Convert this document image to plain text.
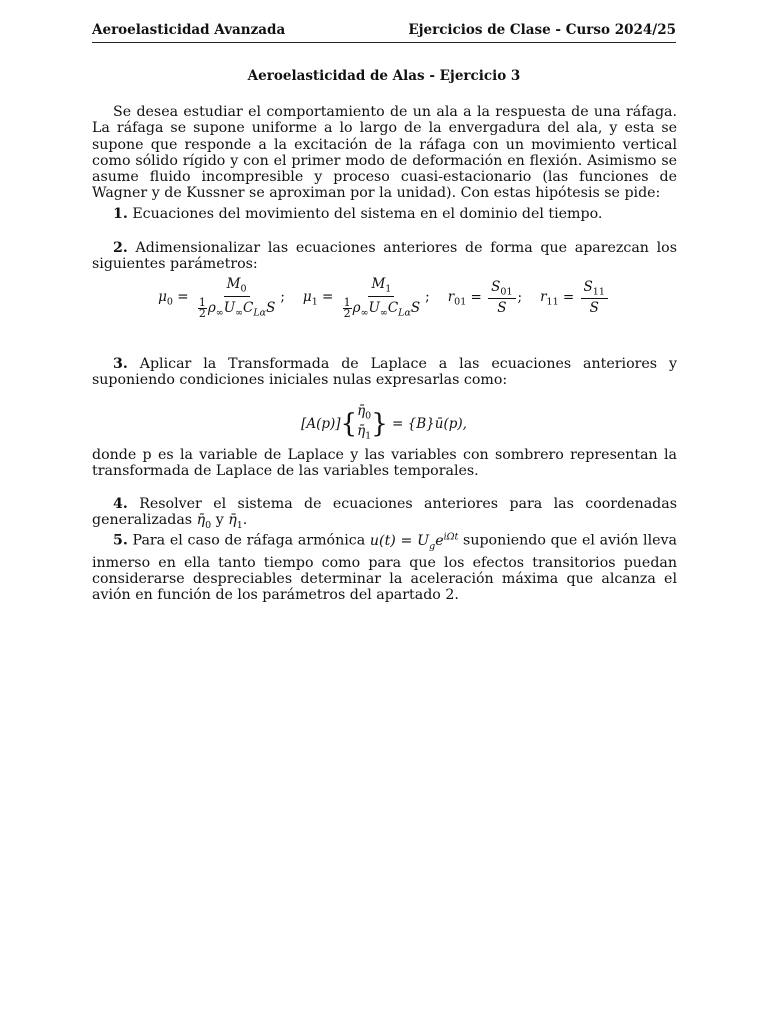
Aeroelasticidad Avanzada	Ejercicios de Clase - Curso 2024/25
Aeroelasticidad de Alas - Ejercicio 3

Se desea estudiar el comportamiento de un ala a la respuesta de una ráfaga. La ráfaga se supone uniforme a lo largo de la envergadura del ala, y esta se supone que responde a la excitación de la ráfaga con un movimiento vertical como sólido rígido y con el primer modo de deformación en flexión. Asimismo se asume fluido incompresible y proceso cuasi-estacionario (las funciones de Wagner y de Kussner se aproximan por la unidad). Con estas hipótesis se pide:

1. Ecuaciones del movimiento del sistema en el dominio del tiempo.

2. Adimensionalizar las ecuaciones anteriores de forma que aparezcan los siguientes parámetros:

$\mu_0 = \frac{M_0}{\frac{1}{2} \rho_\infty U_\infty C_{L\alpha}S}$ ; $\mu_1 = \frac{M_1}{\frac{1}{2} \rho_\infty U_\infty C_{L\alpha}S}$ ; $r_{01} = \frac{S_{01}}{S}$ ; $r_{11} = \frac{S_{11}}{S}$

3. Aplicar la Transformada de Laplace a las ecuaciones anteriores y suponiendo condiciones iniciales nulas expresarlas como:

[A(p)] { $\etā_0$
$\etā_1$ } = {B}ū(p),

donde p es la variable de Laplace y las variables con sombrero representan la transformada de Laplace de las variables temporales.

4. Resolver el sistema de ecuaciones anteriores para las coordenadas generalizadas $\etā_0$ y $\etā_1$.

5. Para el caso de ráfaga armónica $u(t) = U_ge^{i\Omega t}$ suponiendo que el avión lleva inmerso en ella tanto tiempo como para que los efectos transitorios puedan considerarse despreciables determinar la aceleración máxima que alcanza el avión en función de los parámetros del apartado 2.
